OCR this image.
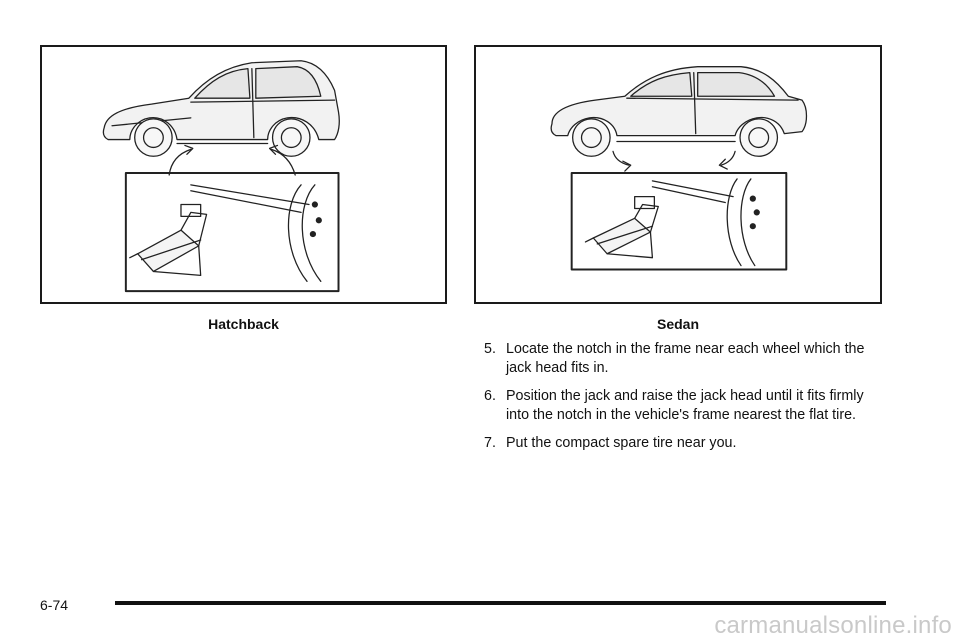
Hatchback	Sedan
5. Locate the notch in the frame near each wheel which the jack head fits in.
6. Position the jack and raise the jack head until it fits firmly into the notch in the vehicle's frame nearest the flat tire.
7. Put the compact spare tire near you.
6-74
carmanualsonline.info
